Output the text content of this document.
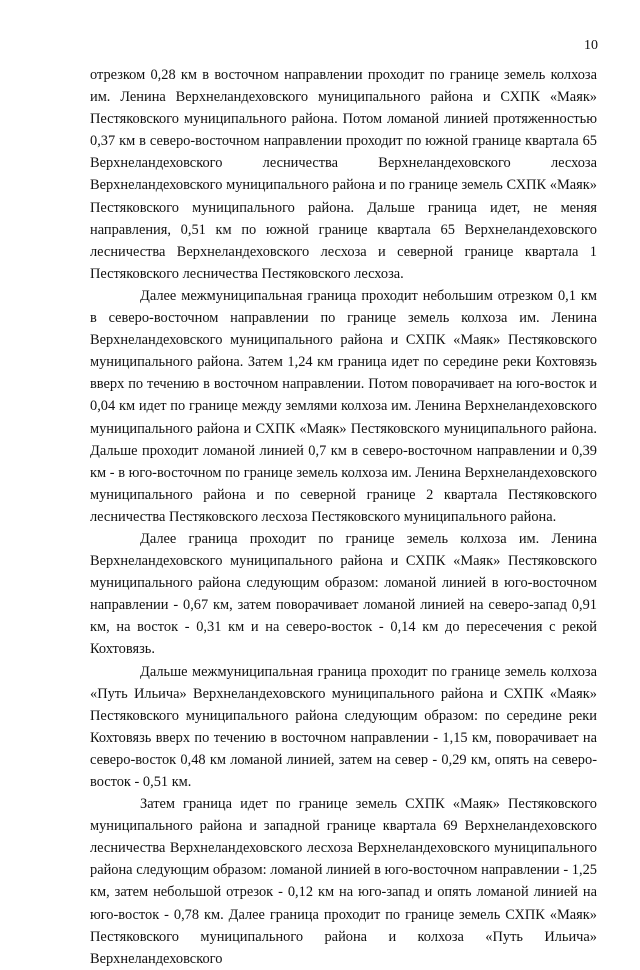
10

отрезком 0,28 км в восточном направлении проходит по границе земель колхоза им. Ленина Верхнеландеховского муниципального района и СХПК «Маяк» Пестяковского муниципального района. Потом ломаной линией протяженностью 0,37 км в северо-восточном направлении проходит по южной границе квартала 65 Верхнеландеховского лесничества Верхнеландеховского лесхоза Верхнеландеховского муниципального района и по границе земель СХПК «Маяк» Пестяковского муниципального района. Дальше граница идет, не меняя направления, 0,51 км по южной границе квартала 65 Верхнеландеховского лесничества Верхнеландеховского лесхоза и северной границе квартала 1 Пестяковского лесничества Пестяковского лесхоза.

Далее межмуниципальная граница проходит небольшим отрезком 0,1 км в северо-восточном направлении по границе земель колхоза им. Ленина Верхнеландеховского муниципального района и СХПК «Маяк» Пестяковского муниципального района. Затем 1,24 км граница идет по середине реки Кохтовязь вверх по течению в восточном направлении. Потом поворачивает на юго-восток и 0,04 км идет по границе между землями колхоза им. Ленина Верхнеландеховского муниципального района и СХПК «Маяк» Пестяковского муниципального района. Дальше проходит ломаной линией 0,7 км в северо-восточном направлении и 0,39 км - в юго-восточном по границе земель колхоза им. Ленина Верхнеландеховского муниципального района и по северной границе 2 квартала Пестяковского лесничества Пестяковского лесхоза Пестяковского муниципального района.

Далее граница проходит по границе земель колхоза им. Ленина Верхнеландеховского муниципального района и СХПК «Маяк» Пестяковского муниципального района следующим образом: ломаной линией в юго-восточном направлении - 0,67 км, затем поворачивает ломаной линией на северо-запад 0,91 км, на восток - 0,31 км и на северо-восток - 0,14 км до пересечения с рекой Кохтовязь.

Дальше межмуниципальная граница проходит по границе земель колхоза «Путь Ильича» Верхнеландеховского муниципального района и СХПК «Маяк» Пестяковского муниципального района следующим образом: по середине реки Кохтовязь вверх по течению в восточном направлении - 1,15 км, поворачивает на северо-восток 0,48 км ломаной линией, затем на север - 0,29 км, опять на северо-восток - 0,51 км.

Затем граница идет по границе земель СХПК «Маяк» Пестяковского муниципального района и западной границе квартала 69 Верхнеландеховского лесничества Верхнеландеховского лесхоза Верхнеландеховского муниципального района следующим образом: ломаной линией в юго-восточном направлении - 1,25 км, затем небольшой отрезок - 0,12 км на юго-запад и опять ломаной линией на юго-восток - 0,78 км. Далее граница проходит по границе земель СХПК «Маяк» Пестяковского муниципального района и колхоза «Путь Ильича» Верхнеландеховского
